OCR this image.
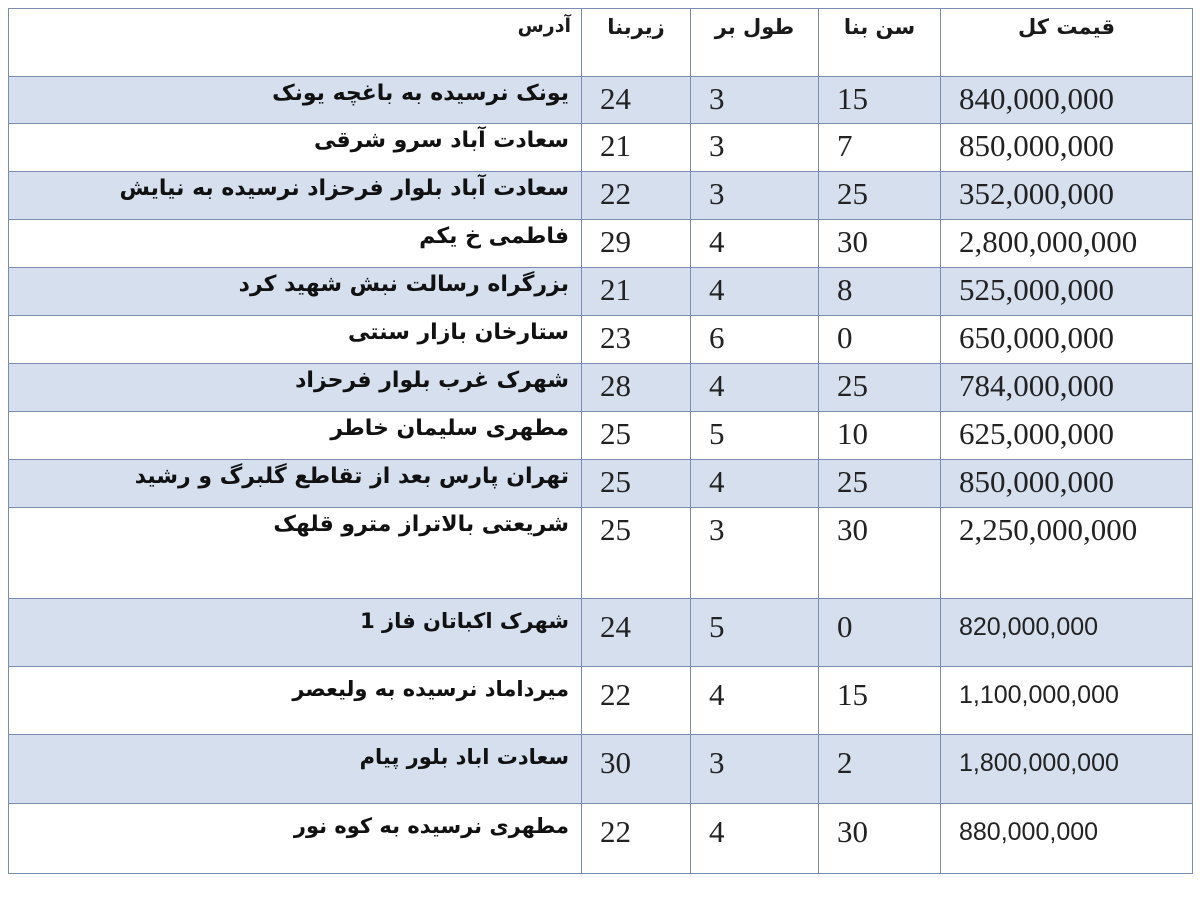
آدرس	زیربنا	طول بر	سن بنا	قیمت کل
یونک نرسیده به باغچه یونک	24	3	15	840,000,000
سعادت آباد سرو شرقی	21	3	7	850,000,000
سعادت آباد بلوار فرحزاد نرسیده به نیایش	22	3	25	352,000,000
فاطمی خ یکم	29	4	30	2,800,000,000
بزرگراه رسالت نبش شهید کرد	21	4	8	525,000,000
ستارخان بازار سنتی	23	6	0	650,000,000
شهرک غرب بلوار فرحزاد	28	4	25	784,000,000
مطهری سلیمان خاطر	25	5	10	625,000,000
تهران پارس بعد از تقاطع گلبرگ و رشید	25	4	25	850,000,000
شریعتی بالاتراز مترو قلهک	25	3	30	2,250,000,000
شهرک اکباتان فاز 1	24	5	0	820,000,000
میرداماد نرسیده به ولیعصر	22	4	15	1,100,000,000
سعادت اباد بلور پیام	30	3	2	1,800,000,000
مطهری نرسیده به کوه نور	22	4	30	880,000,000
